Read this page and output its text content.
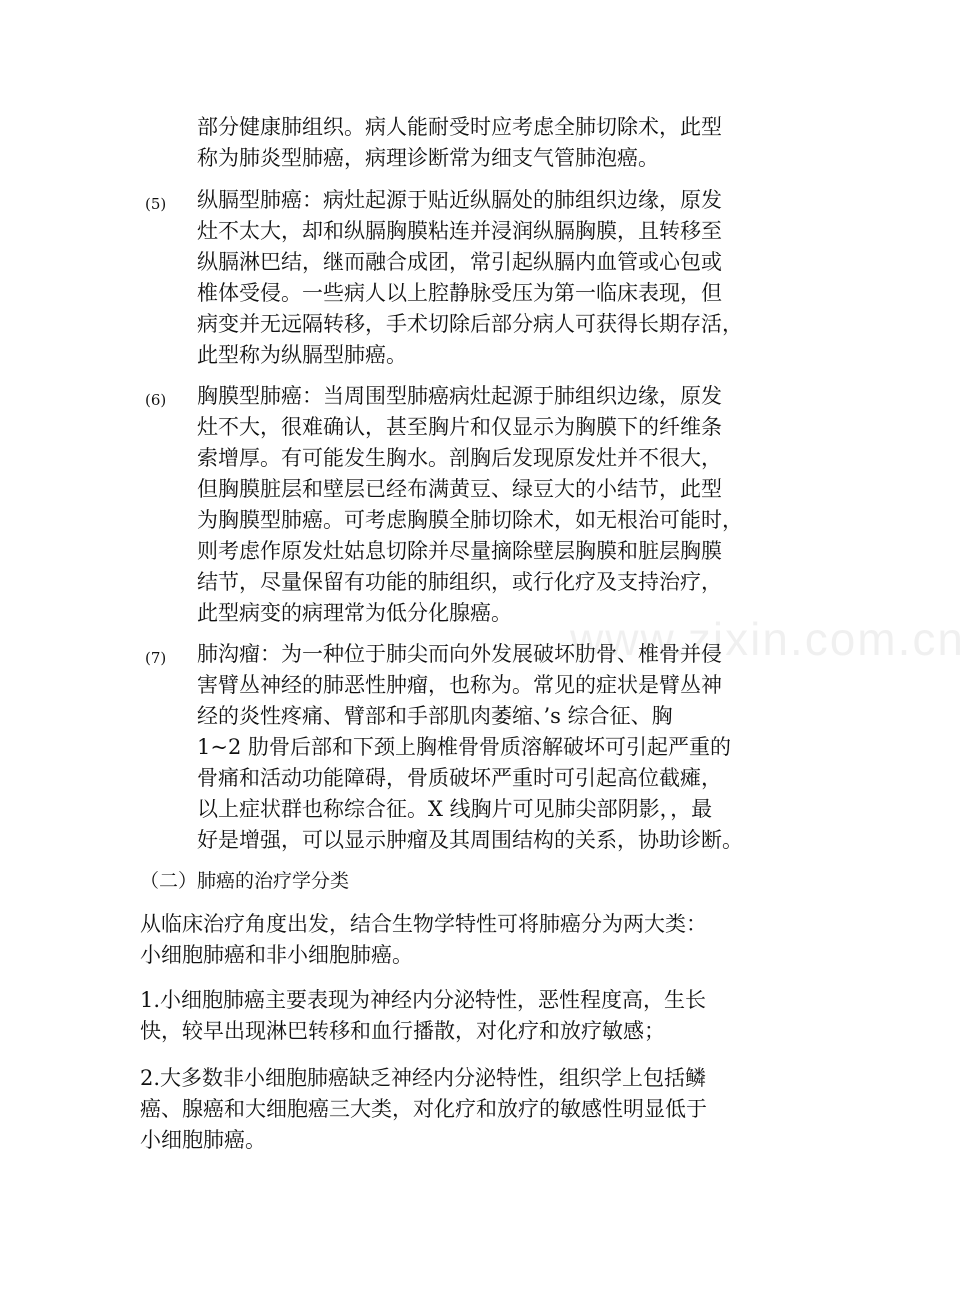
www.zixin.com.cn
部分健康肺组织。病人能耐受时应考虑全肺切除术，此型
称为肺炎型肺癌，病理诊断常为细支气管肺泡癌。
(5)	纵膈型肺癌：病灶起源于贴近纵膈处的肺组织边缘，原发
灶不太大，却和纵膈胸膜粘连并浸润纵膈胸膜，且转移至
纵膈淋巴结，继而融合成团，常引起纵膈内血管或心包或
椎体受侵。一些病人以上腔静脉受压为第一临床表现，但
病变并无远隔转移，手术切除后部分病人可获得长期存活，
此型称为纵膈型肺癌。
(6)	胸膜型肺癌：当周围型肺癌病灶起源于肺组织边缘，原发
灶不大，很难确认，甚至胸片和仅显示为胸膜下的纤维条
索增厚。有可能发生胸水。剖胸后发现原发灶并不很大，
但胸膜脏层和壁层已经布满黄豆、绿豆大的小结节，此型
为胸膜型肺癌。可考虑胸膜全肺切除术，如无根治可能时，
则考虑作原发灶姑息切除并尽量摘除壁层胸膜和脏层胸膜
结节，尽量保留有功能的肺组织，或行化疗及支持治疗，
此型病变的病理常为低分化腺癌。
(7)	肺沟瘤：为一种位于肺尖而向外发展破坏肋骨、椎骨并侵
害臂丛神经的肺恶性肿瘤，也称为。常见的症状是臂丛神
经的炎性疼痛、臂部和手部肌肉萎缩、’s 综合征、胸
1~2 肋骨后部和下颈上胸椎骨骨质溶解破坏可引起严重的
骨痛和活动功能障碍，骨质破坏严重时可引起高位截瘫，
以上症状群也称综合征。X 线胸片可见肺尖部阴影，，最
好是增强，可以显示肿瘤及其周围结构的关系，协助诊断。
（二）肺癌的治疗学分类
从临床治疗角度出发，结合生物学特性可将肺癌分为两大类：
小细胞肺癌和非小细胞肺癌。
1.小细胞肺癌主要表现为神经内分泌特性，恶性程度高，生长
快，较早出现淋巴转移和血行播散，对化疗和放疗敏感；
2.大多数非小细胞肺癌缺乏神经内分泌特性，组织学上包括鳞
癌、腺癌和大细胞癌三大类，对化疗和放疗的敏感性明显低于
小细胞肺癌。
